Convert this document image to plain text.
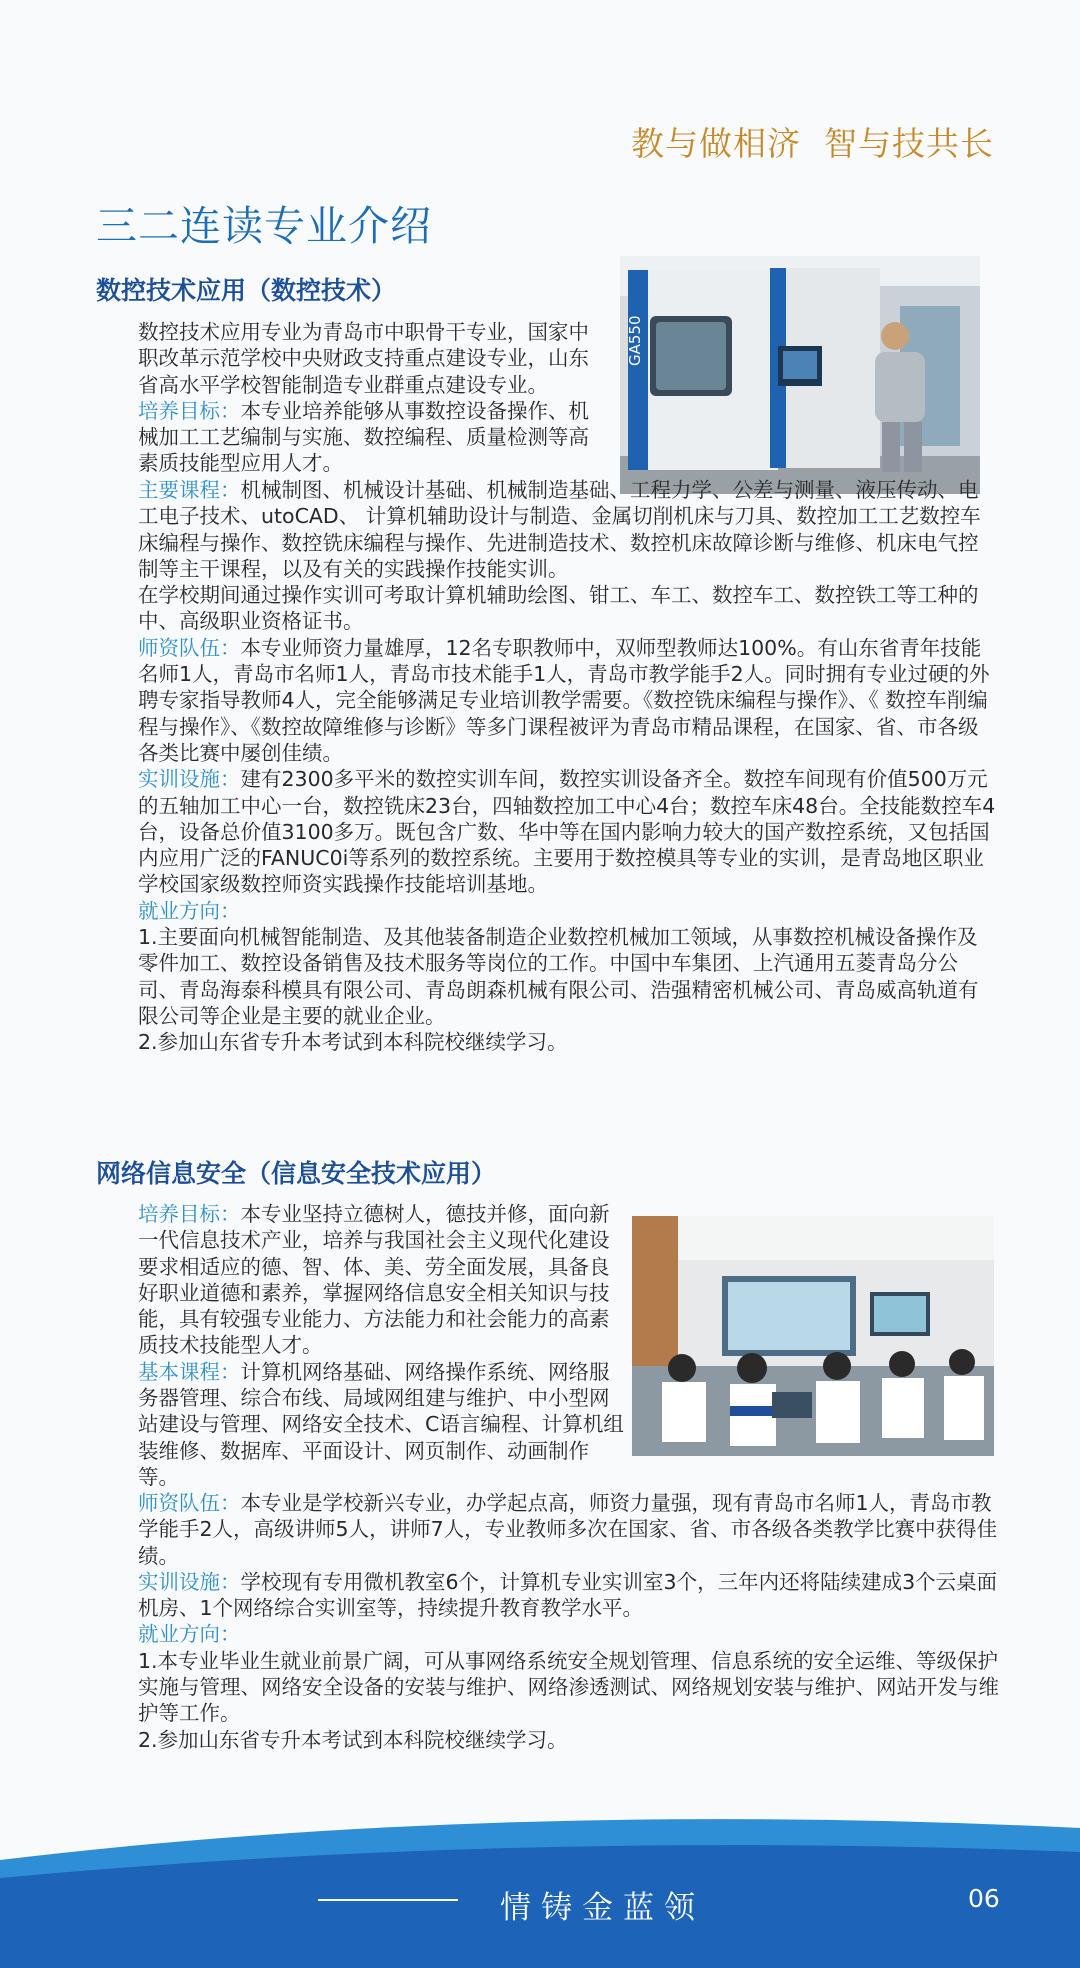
教与做相济  智与技共长
三二连读专业介绍
数控技术应用（数控技术）
GA550

数控技术应用专业为青岛市中职骨干专业，国家中职改革示范学校中央财政支持重点建设专业，山东省高水平学校智能制造专业群重点建设专业。

培养目标：本专业培养能够从事数控设备操作、机械加工工艺编制与实施、数控编程、质量检测等高素质技能型应用人才。

主要课程：机械制图、机械设计基础、机械制造基础、工程力学、公差与测量、液压传动、电工电子技术、utoCAD、 计算机辅助设计与制造、金属切削机床与刀具、数控加工工艺数控车床编程与操作、数控铣床编程与操作、先进制造技术、数控机床故障诊断与维修、机床电气控制等主干课程，以及有关的实践操作技能实训。

在学校期间通过操作实训可考取计算机辅助绘图、钳工、车工、数控车工、数控铁工等工种的中、高级职业资格证书。

师资队伍：本专业师资力量雄厚，12名专职教师中，双师型教师达100%。有山东省青年技能名师1人，青岛市名师1人，青岛市技术能手1人，青岛市教学能手2人。同时拥有专业过硬的外聘专家指导教师4人，完全能够满足专业培训教学需要。《数控铣床编程与操作》、《 数控车削编程与操作》、《数控故障维修与诊断》等多门课程被评为青岛市精品课程，在国家、省、市各级各类比赛中屡创佳绩。

实训设施：建有2300多平米的数控实训车间，数控实训设备齐全。数控车间现有价值500万元的五轴加工中心一台，数控铣床23台，四轴数控加工中心4台；数控车床48台。全技能数控车4台，设备总价值3100多万。既包含广数、华中等在国内影响力较大的国产数控系统，又包括国内应用广泛的FANUC0i等系列的数控系统。主要用于数控模具等专业的实训，是青岛地区职业学校国家级数控师资实践操作技能培训基地。

就业方向：

1.主要面向机械智能制造、及其他装备制造企业数控机械加工领域，从事数控机械设备操作及零件加工、数控设备销售及技术服务等岗位的工作。中国中车集团、上汽通用五菱青岛分公司、青岛海泰科模具有限公司、青岛朗森机械有限公司、浩强精密机械公司、青岛威高轨道有限公司等企业是主要的就业企业。

2.参加山东省专升本考试到本科院校继续学习。

网络信息安全（信息安全技术应用）

培养目标：本专业坚持立德树人，德技并修，面向新一代信息技术产业，培养与我国社会主义现代化建设要求相适应的德、智、体、美、劳全面发展，具备良好职业道德和素养，掌握网络信息安全相关知识与技能，具有较强专业能力、方法能力和社会能力的高素质技术技能型人才。

基本课程：计算机网络基础、网络操作系统、网络服务器管理、综合布线、局域网组建与维护、中小型网站建设与管理、网络安全技术、C语言编程、计算机组装维修、数据库、平面设计、网页制作、动画制作等。

师资队伍：本专业是学校新兴专业，办学起点高，师资力量强，现有青岛市名师1人，青岛市教学能手2人，高级讲师5人，讲师7人，专业教师多次在国家、省、市各级各类教学比赛中获得佳绩。

实训设施：学校现有专用微机教室6个，计算机专业实训室3个，三年内还将陆续建成3个云桌面机房、1个网络综合实训室等，持续提升教育教学水平。

就业方向：

1.本专业毕业生就业前景广阔，可从事网络系统安全规划管理、信息系统的安全运维、等级保护实施与管理、网络安全设备的安装与维护、网络渗透测试、网络规划安装与维护、网站开发与维护等工作。

2.参加山东省专升本考试到本科院校继续学习。

情铸金蓝领	06
